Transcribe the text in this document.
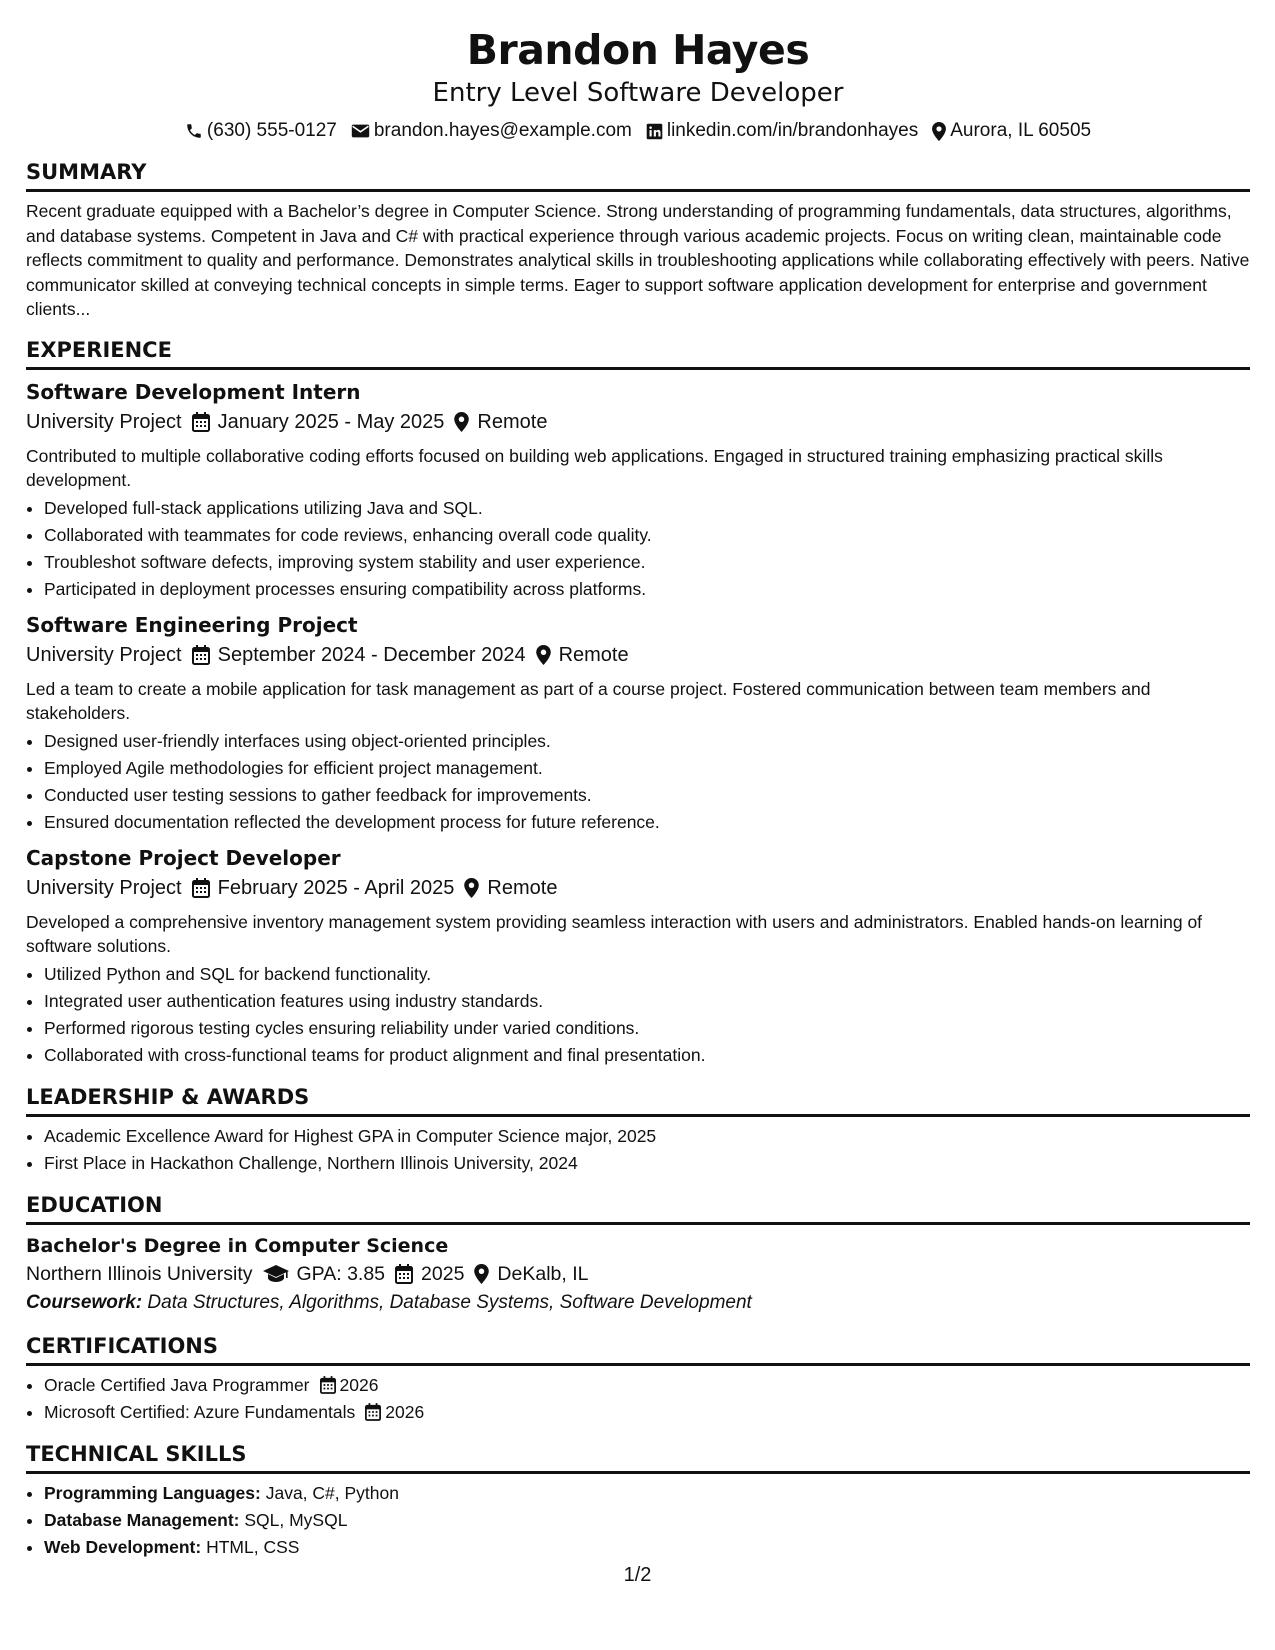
Brandon Hayes
Entry Level Software Developer
(630) 555-0127 brandon.hayes@example.com linkedin.com/in/brandonhayes Aurora, IL 60505
SUMMARY
Recent graduate equipped with a Bachelor’s degree in Computer Science. Strong understanding of programming fundamentals, data structures, algorithms, and database systems. Competent in Java and C# with practical experience through various academic projects. Focus on writing clean, maintainable code reflects commitment to quality and performance. Demonstrates analytical skills in troubleshooting applications while collaborating effectively with peers. Native communicator skilled at conveying technical concepts in simple terms. Eager to support software application development for enterprise and government clients...
EXPERIENCE
Software Development Intern
University Project January 2025 - May 2025 Remote
Contributed to multiple collaborative coding efforts focused on building web applications. Engaged in structured training emphasizing practical skills development.
• Developed full-stack applications utilizing Java and SQL.
• Collaborated with teammates for code reviews, enhancing overall code quality.
• Troubleshot software defects, improving system stability and user experience.
• Participated in deployment processes ensuring compatibility across platforms.
Software Engineering Project
University Project September 2024 - December 2024 Remote
Led a team to create a mobile application for task management as part of a course project. Fostered communication between team members and stakeholders.
• Designed user-friendly interfaces using object-oriented principles.
• Employed Agile methodologies for efficient project management.
• Conducted user testing sessions to gather feedback for improvements.
• Ensured documentation reflected the development process for future reference.
Capstone Project Developer
University Project February 2025 - April 2025 Remote
Developed a comprehensive inventory management system providing seamless interaction with users and administrators. Enabled hands-on learning of software solutions.
• Utilized Python and SQL for backend functionality.
• Integrated user authentication features using industry standards.
• Performed rigorous testing cycles ensuring reliability under varied conditions.
• Collaborated with cross-functional teams for product alignment and final presentation.
LEADERSHIP & AWARDS
• Academic Excellence Award for Highest GPA in Computer Science major, 2025
• First Place in Hackathon Challenge, Northern Illinois University, 2024
EDUCATION
Bachelor's Degree in Computer Science
Northern Illinois University GPA: 3.85 2025 DeKalb, IL
Coursework: Data Structures, Algorithms, Database Systems, Software Development
CERTIFICATIONS
• Oracle Certified Java Programmer 2026
• Microsoft Certified: Azure Fundamentals 2026
TECHNICAL SKILLS
• Programming Languages: Java, C#, Python
• Database Management: SQL, MySQL
• Web Development: HTML, CSS
1/2
